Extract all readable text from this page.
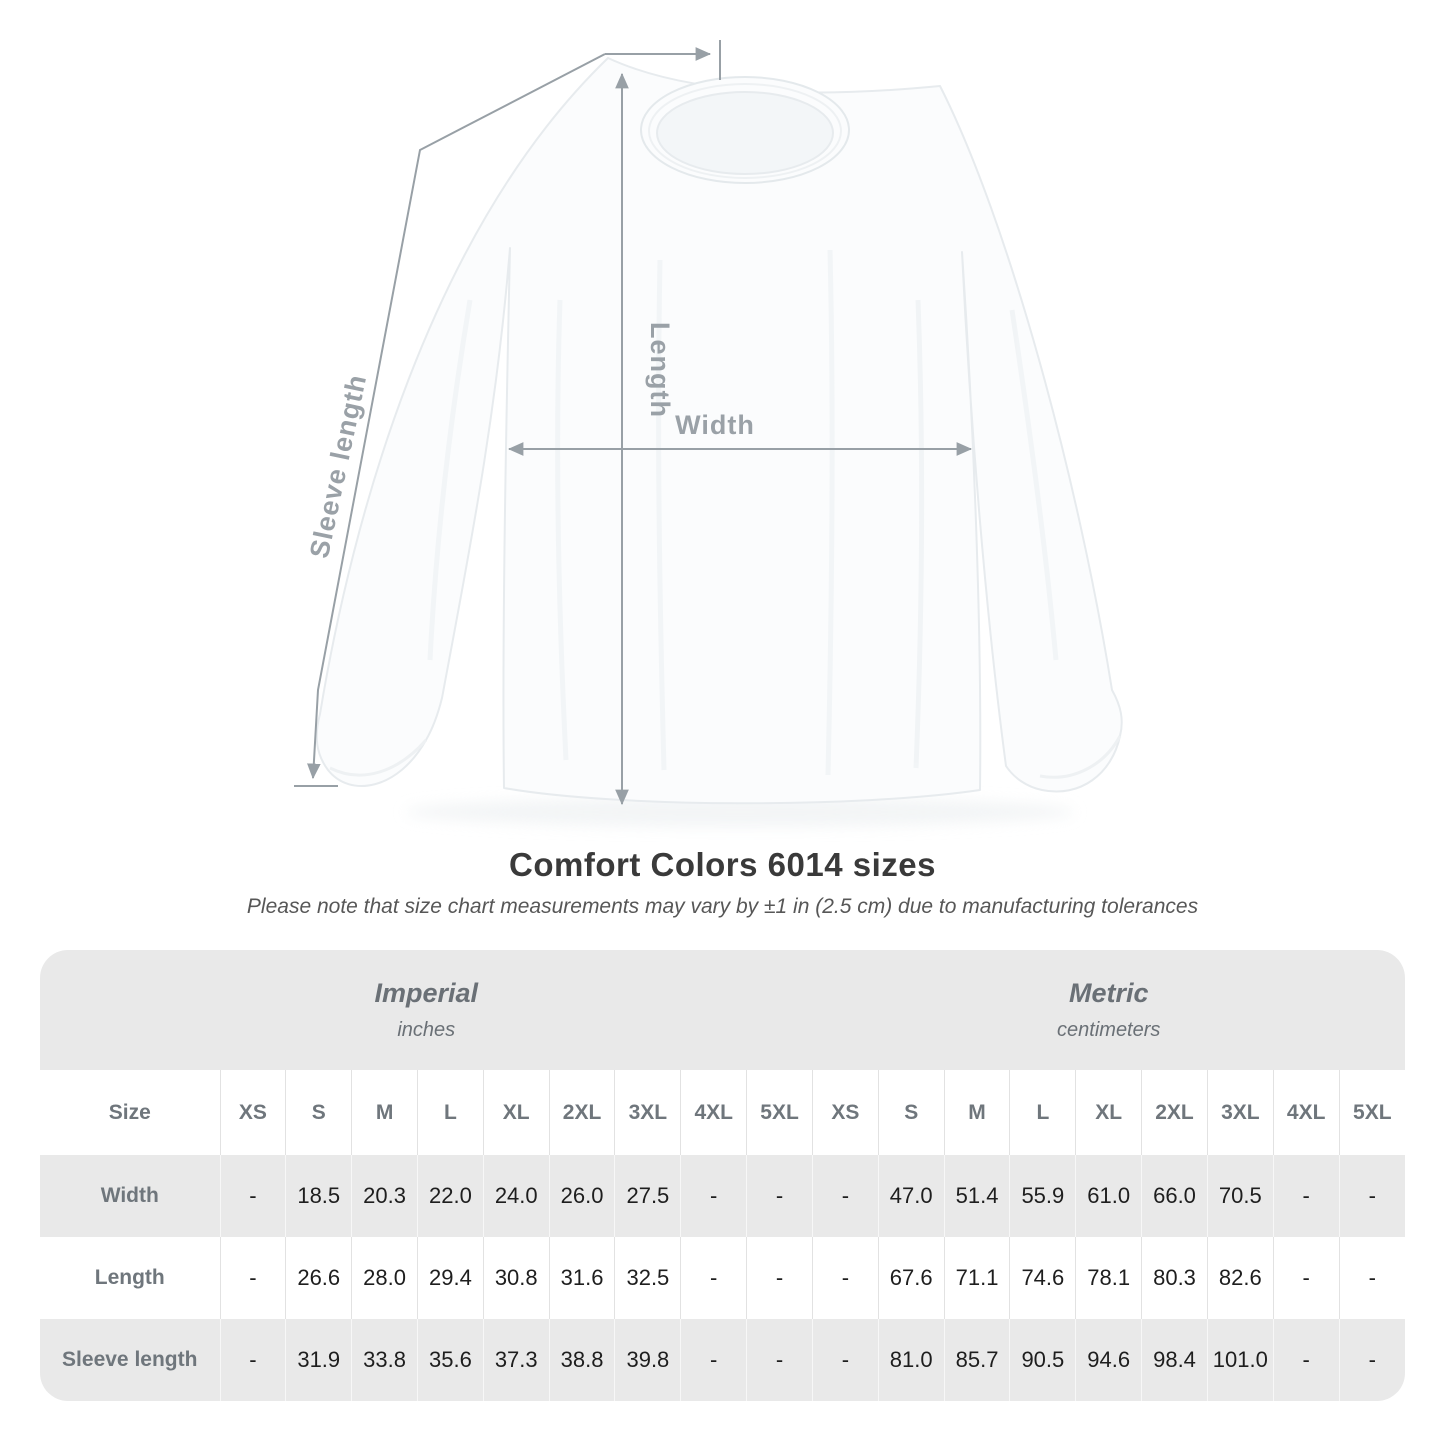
Sleeve length
Length
Width
Comfort Colors 6014 sizes
Please note that size chart measurements may vary by ±1 in (2.5 cm) due to manufacturing tolerances
Imperial
inches

Metric
centimeters

Size	XS	S	M	L	XL	2XL	3XL	4XL	5XL	XS	S	M	L	XL	2XL	3XL	4XL	5XL
Width	-	18.5	20.3	22.0	24.0	26.0	27.5	-	-	-	47.0	51.4	55.9	61.0	66.0	70.5	-	-
Length	-	26.6	28.0	29.4	30.8	31.6	32.5	-	-	-	67.6	71.1	74.6	78.1	80.3	82.6	-	-
Sleeve length	-	31.9	33.8	35.6	37.3	38.8	39.8	-	-	-	81.0	85.7	90.5	94.6	98.4	101.0	-	-
